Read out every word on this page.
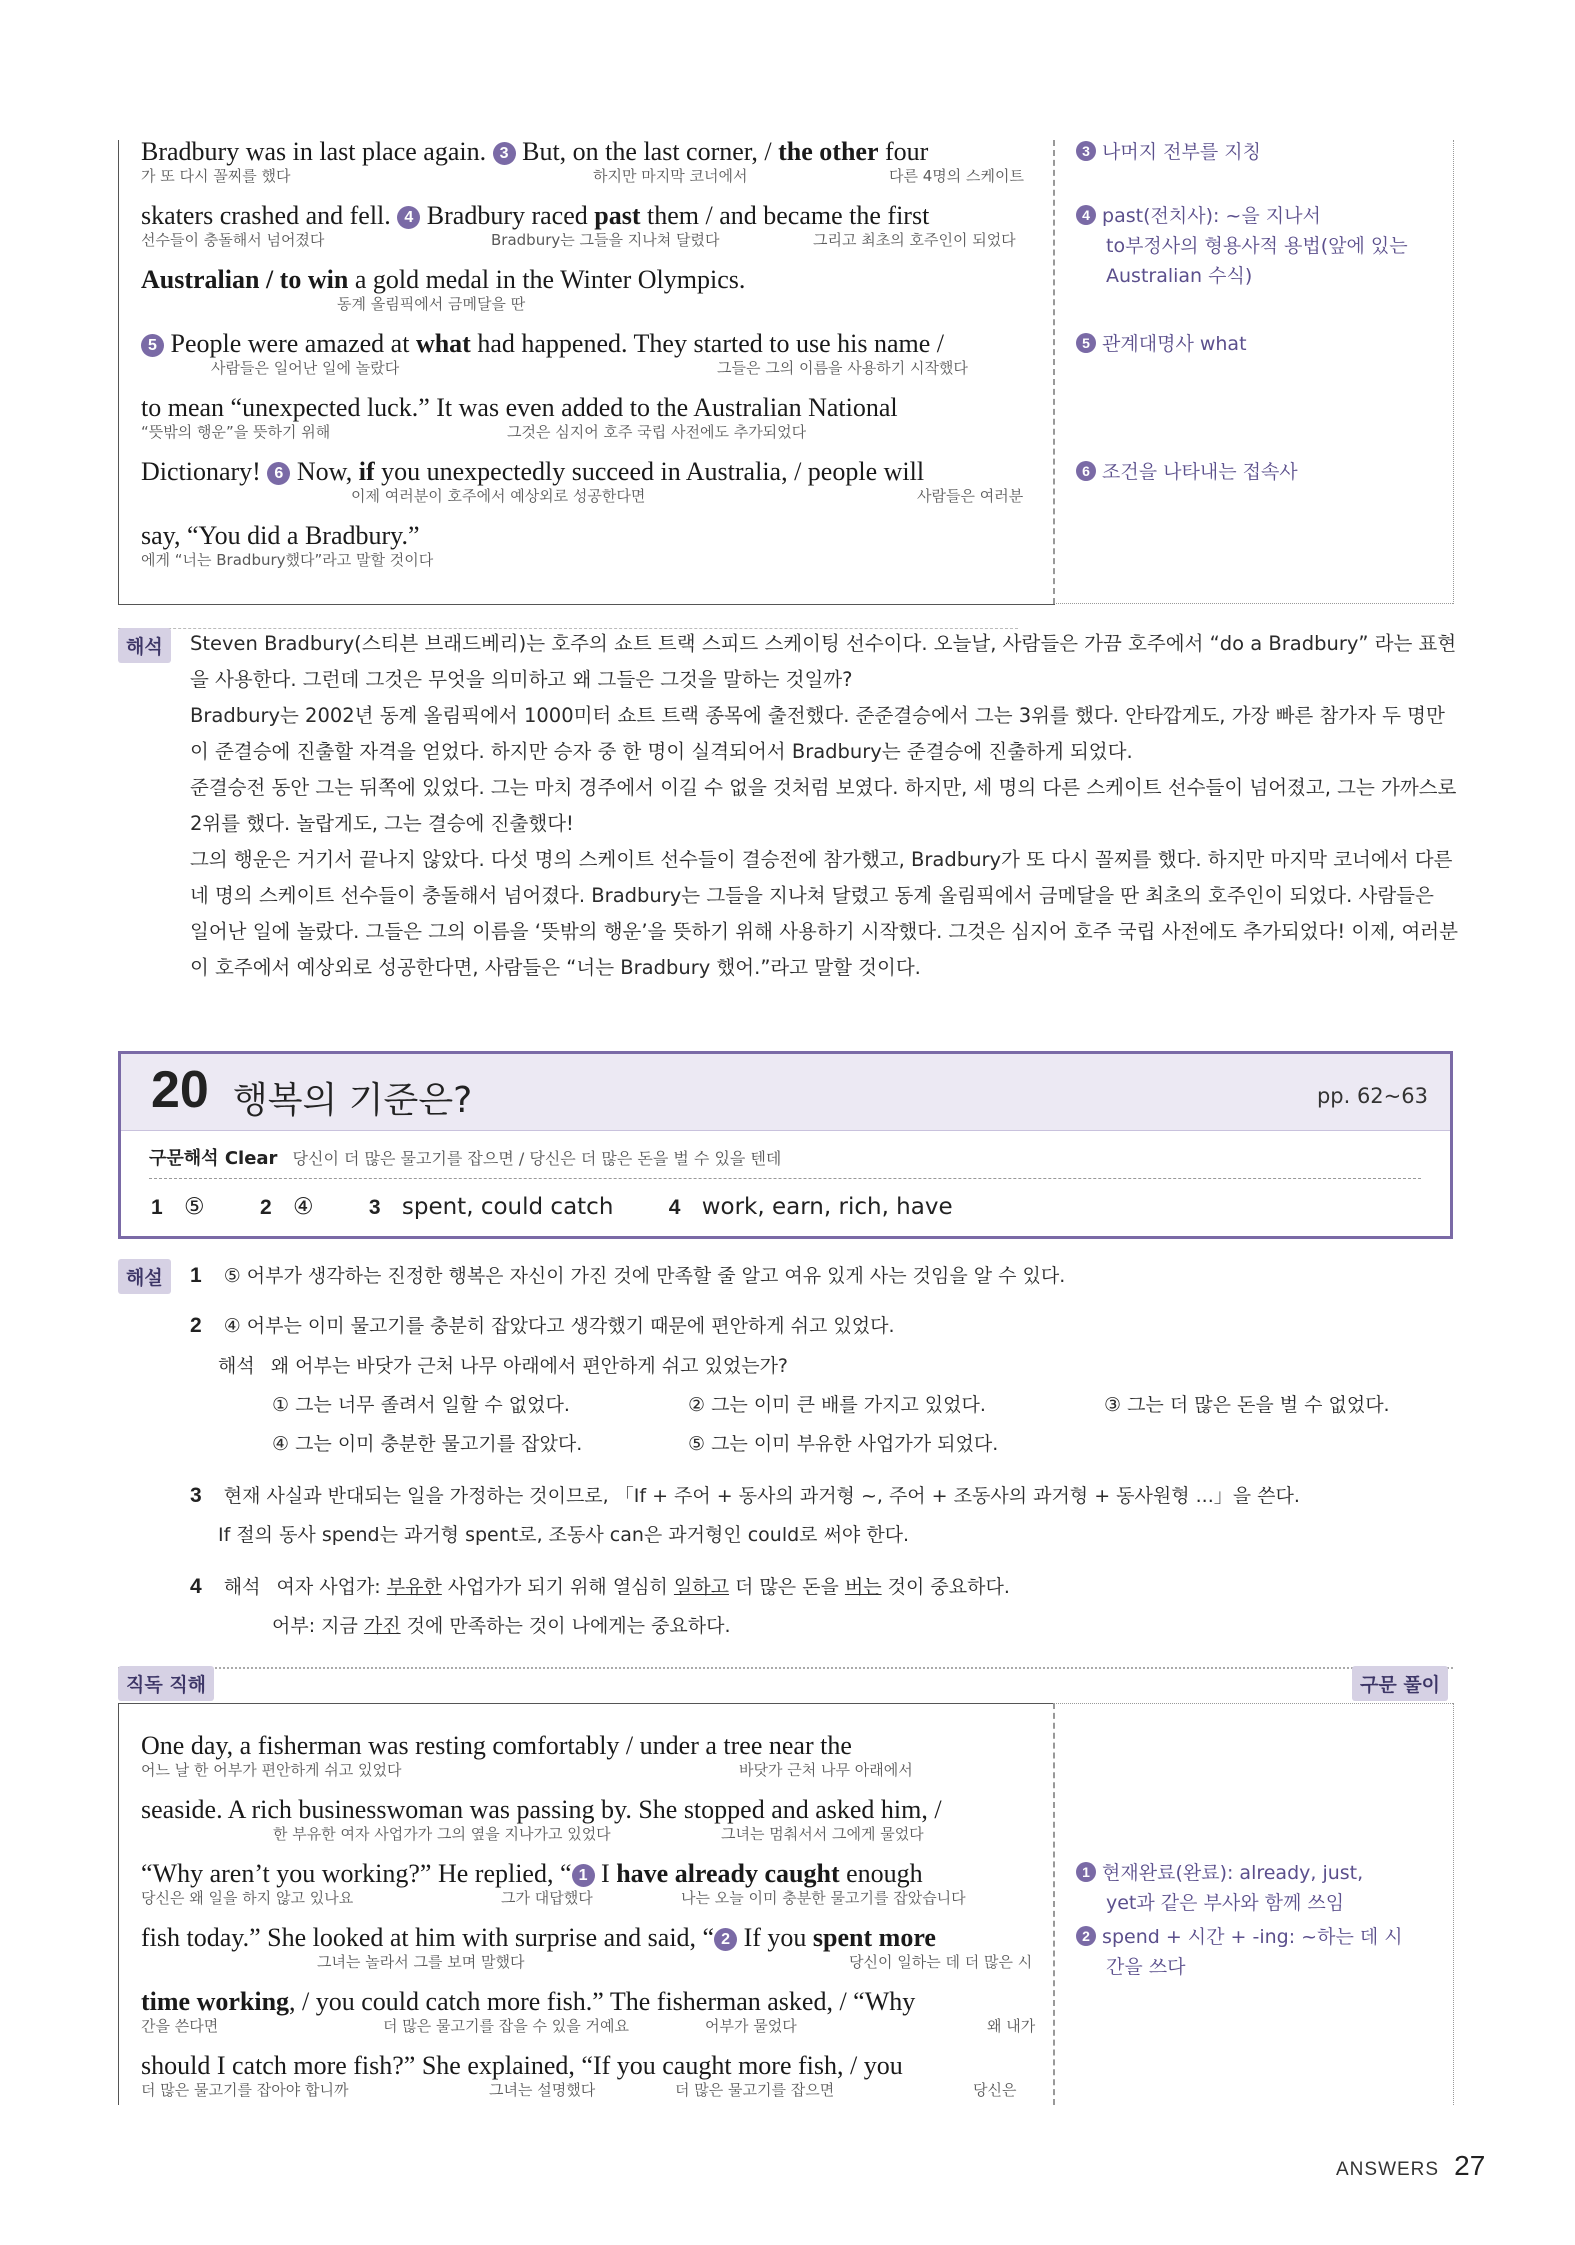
Bradbury was in last place again. 3 But, on the last corner, / the other four
가 또 다시 꼴찌를 했다	하지만 마지막 코너에서	다른 4명의 스케이트
skaters crashed and fell. 4 Bradbury raced past them / and became the first
선수들이 충돌해서 넘어졌다	Bradbury는 그들을 지나쳐 달렸다	그리고 최초의 호주인이 되었다
Australian / to win a gold medal in the Winter Olympics.
동계 올림픽에서 금메달을 딴
5 People were amazed at what had happened. They started to use his name /
사람들은 일어난 일에 놀랐다	그들은 그의 이름을 사용하기 시작했다
to mean “unexpected luck.” It was even added to the Australian National
“뜻밖의 행운”을 뜻하기 위해	그것은 심지어 호주 국립 사전에도 추가되었다
Dictionary! 6 Now, if you unexpectedly succeed in Australia, / people will
이제 여러분이 호주에서 예상외로 성공한다면	사람들은 여러분
say, “You did a Bradbury.”
에게 “너는 Bradbury했다”라고 말할 것이다
3 나머지 전부를 지칭
4 past(전치사): ~을 지나서
to부정사의 형용사적 용법(앞에 있는
Australian 수식)
5 관계대명사 what
6 조건을 나타내는 접속사
해석	Steven Bradbury(스티븐 브래드베리)는 호주의 쇼트 트랙 스피드 스케이팅 선수이다. 오늘날, 사람들은 가끔 호주에서 “do a Bradbury” 라는 표현을 사용한다. 그런데 그것은 무엇을 의미하고 왜 그들은 그것을 말하는 것일까?
Bradbury는 2002년 동계 올림픽에서 1000미터 쇼트 트랙 종목에 출전했다. 준준결승에서 그는 3위를 했다. 안타깝게도, 가장 빠른 참가자 두 명만이 준결승에 진출할 자격을 얻었다. 하지만 승자 중 한 명이 실격되어서 Bradbury는 준결승에 진출하게 되었다.
준결승전 동안 그는 뒤쪽에 있었다. 그는 마치 경주에서 이길 수 없을 것처럼 보였다. 하지만, 세 명의 다른 스케이트 선수들이 넘어졌고, 그는 가까스로 2위를 했다. 놀랍게도, 그는 결승에 진출했다!
그의 행운은 거기서 끝나지 않았다. 다섯 명의 스케이트 선수들이 결승전에 참가했고, Bradbury가 또 다시 꼴찌를 했다. 하지만 마지막 코너에서 다른 네 명의 스케이트 선수들이 충돌해서 넘어졌다. Bradbury는 그들을 지나쳐 달렸고 동계 올림픽에서 금메달을 딴 최초의 호주인이 되었다. 사람들은 일어난 일에 놀랐다. 그들은 그의 이름을 ‘뜻밖의 행운’을 뜻하기 위해 사용하기 시작했다. 그것은 심지어 호주 국립 사전에도 추가되었다! 이제, 여러분이 호주에서 예상외로 성공한다면, 사람들은 “너는 Bradbury 했어.”라고 말할 것이다.
20 행복의 기준은?	pp. 62~63
구문해석 Clear 당신이 더 많은 물고기를 잡으면 / 당신은 더 많은 돈을 벌 수 있을 텐데
1 ⑤	2 ④	3 spent, could catch	4 work, earn, rich, have
해설	1 ⑤ 어부가 생각하는 진정한 행복은 자신이 가진 것에 만족할 줄 알고 여유 있게 사는 것임을 알 수 있다.
2 ④ 어부는 이미 물고기를 충분히 잡았다고 생각했기 때문에 편안하게 쉬고 있었다.
해석 왜 어부는 바닷가 근처 나무 아래에서 편안하게 쉬고 있었는가?
① 그는 너무 졸려서 일할 수 없었다.	② 그는 이미 큰 배를 가지고 있었다.	③ 그는 더 많은 돈을 벌 수 없었다.
④ 그는 이미 충분한 물고기를 잡았다.	⑤ 그는 이미 부유한 사업가가 되었다.
3 현재 사실과 반대되는 일을 가정하는 것이므로, 「If + 주어 + 동사의 과거형 ~, 주어 + 조동사의 과거형 + 동사원형 ...」을 쓴다.
If 절의 동사 spend는 과거형 spent로, 조동사 can은 과거형인 could로 써야 한다.
4 해석 여자 사업가: 부유한 사업가가 되기 위해 열심히 일하고 더 많은 돈을 버는 것이 중요하다.
어부: 지금 가진 것에 만족하는 것이 나에게는 중요하다.
직독 직해	구문 풀이
One day, a fisherman was resting comfortably / under a tree near the
어느 날 한 어부가 편안하게 쉬고 있었다	바닷가 근처 나무 아래에서
seaside. A rich businesswoman was passing by. She stopped and asked him, /
한 부유한 여자 사업가가 그의 옆을 지나가고 있었다	그녀는 멈춰서서 그에게 물었다
“Why aren’t you working?” He replied, “ 1 I have already caught enough
당신은 왜 일을 하지 않고 있나요	그가 대답했다	나는 오늘 이미 충분한 물고기를 잡았습니다
fish today.” She looked at him with surprise and said, “ 2 If you spent more
그녀는 놀라서 그를 보며 말했다	당신이 일하는 데 더 많은 시
time working, / you could catch more fish.” The fisherman asked, / “Why
간을 쓴다면	더 많은 물고기를 잡을 수 있을 거예요	어부가 물었다	왜 내가
should I catch more fish?” She explained, “If you caught more fish, / you
더 많은 물고기를 잡아야 합니까	그녀는 설명했다	더 많은 물고기를 잡으면	당신은
1 현재완료(완료): already, just,
yet과 같은 부사와 함께 쓰임
2 spend + 시간 + -ing: ~하는 데 시
간을 쓰다
ANSWERS 27
